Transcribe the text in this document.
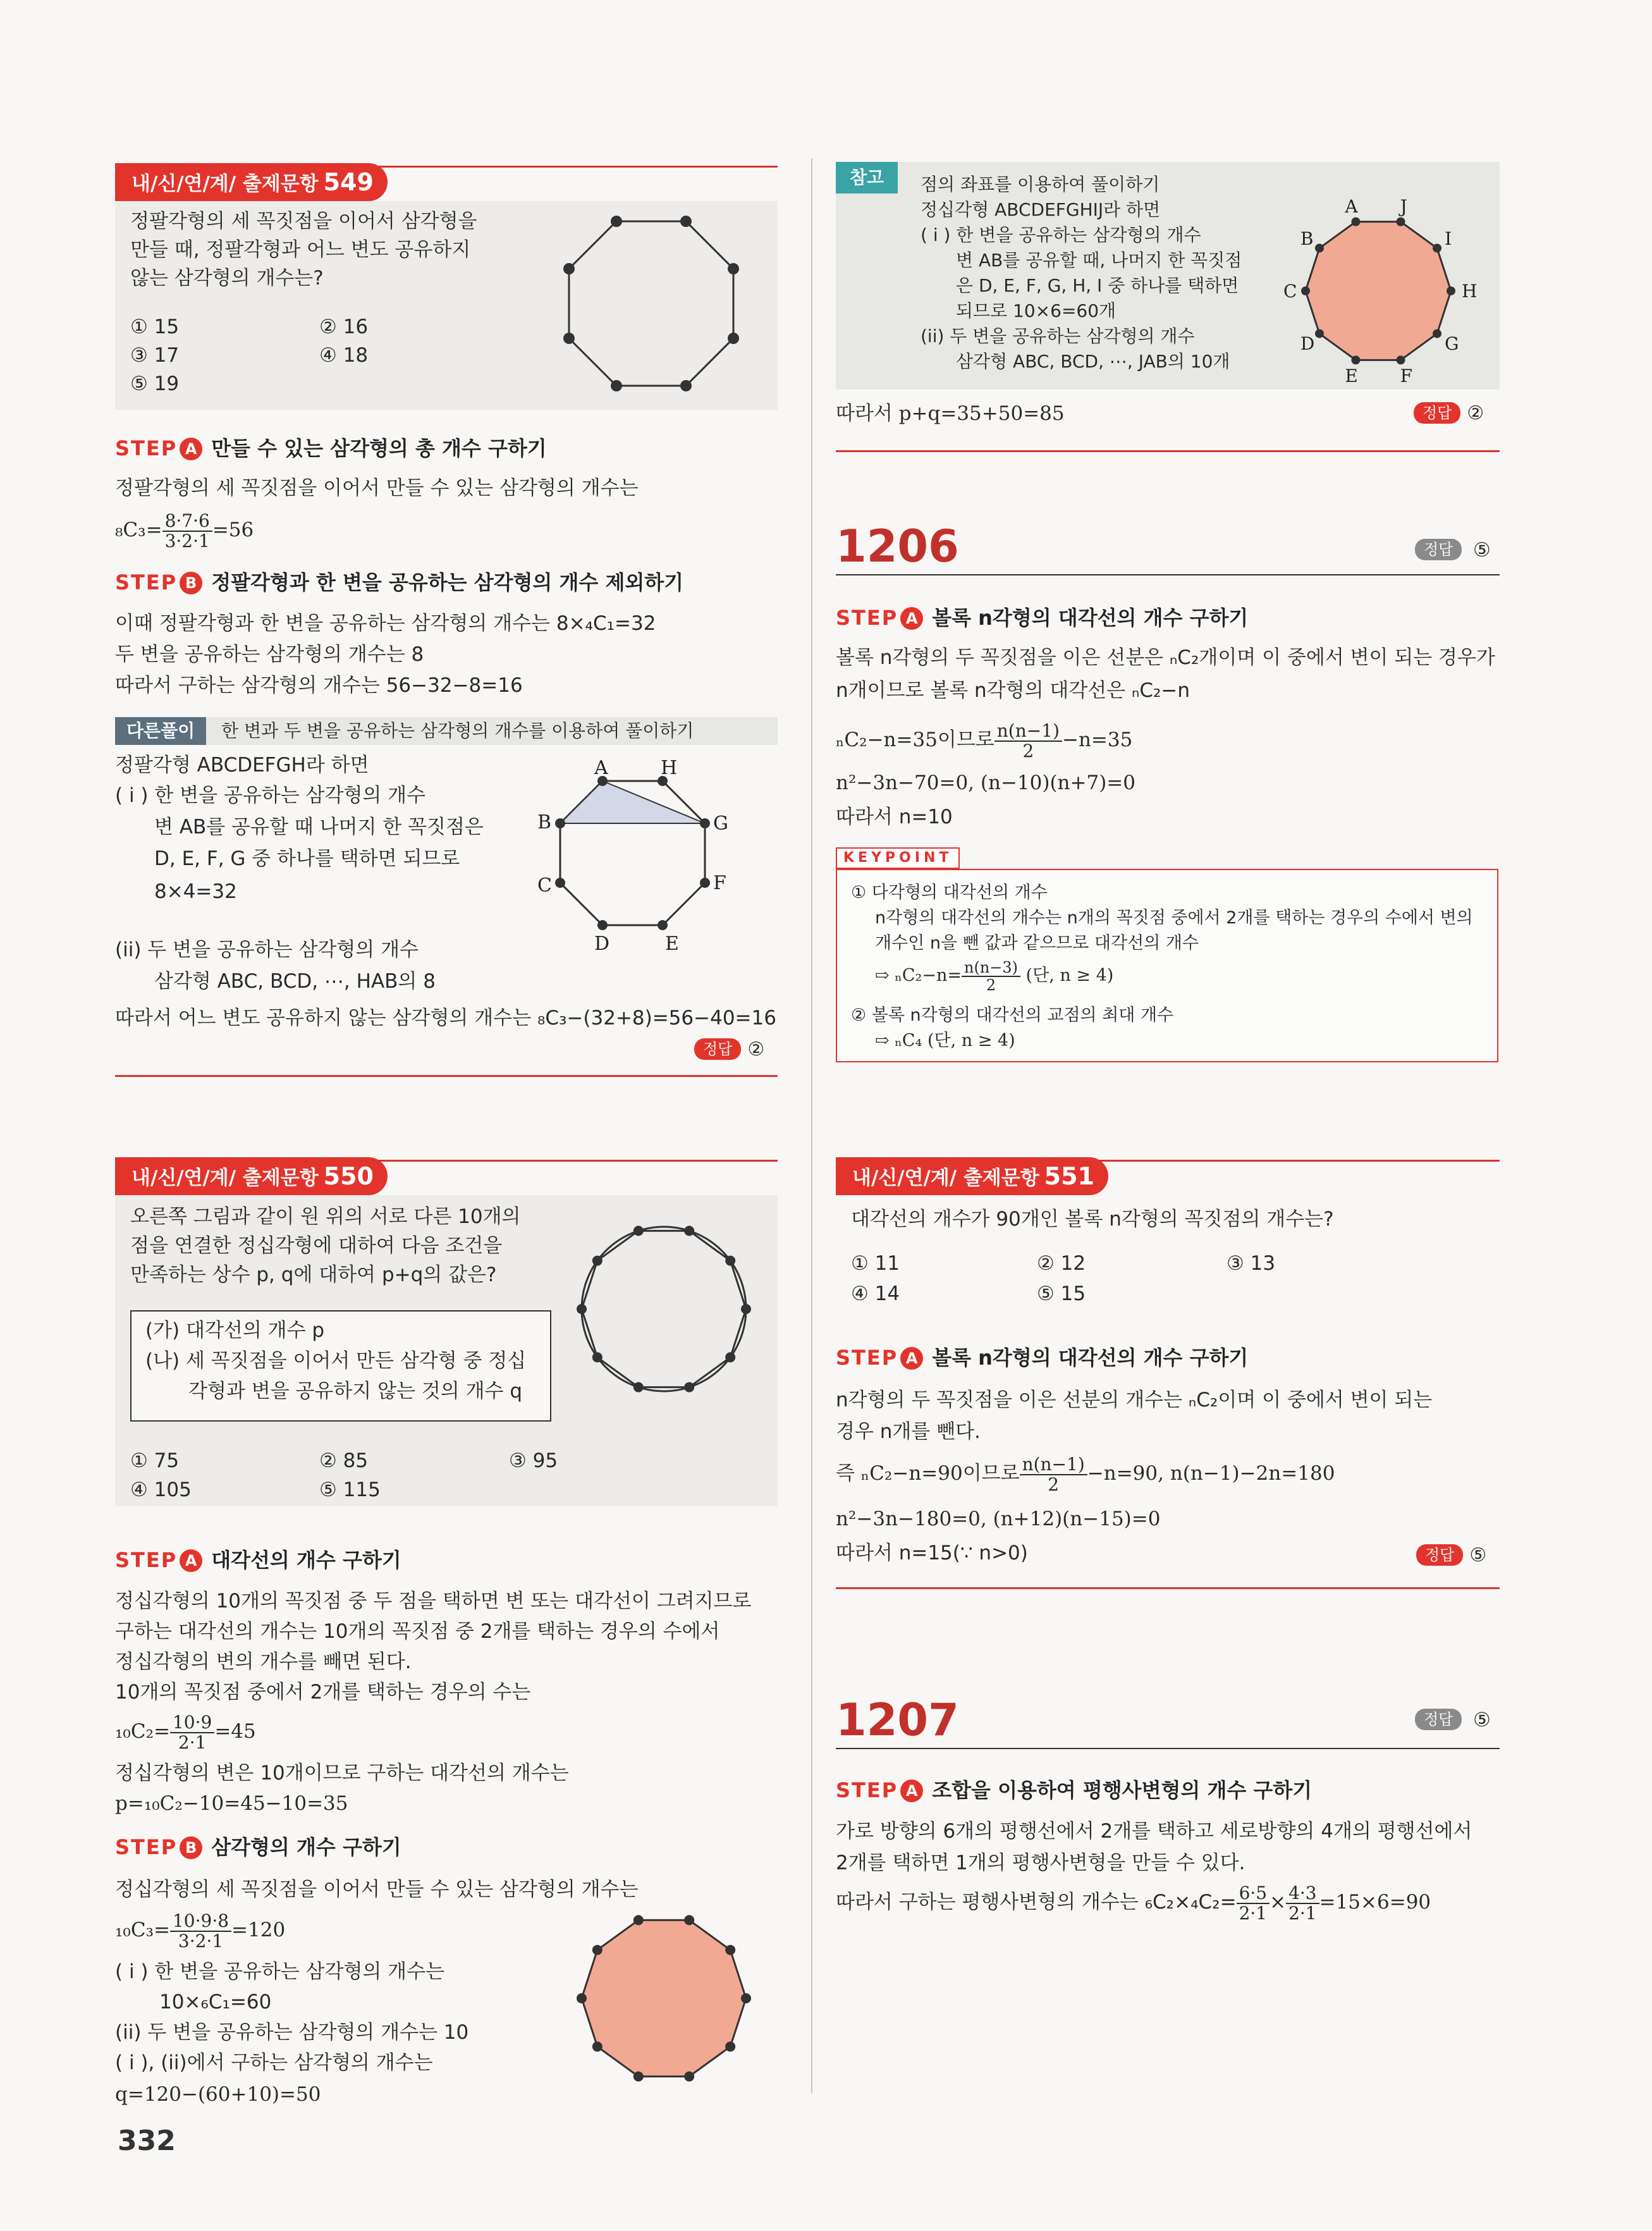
내/신/연/계/ 출제문항 549
정팔각형의 세 꼭짓점을 이어서 삼각형을
만들 때, 정팔각형과 어느 변도 공유하지
않는 삼각형의 개수는?
① 15	② 16
③ 17	④ 18
⑤ 19
STEP A 만들 수 있는 삼각형의 총 개수 구하기
정팔각형의 세 꼭짓점을 이어서 만들 수 있는 삼각형의 개수는
$_8C_3= \frac{8\cdot 7\cdot 6}{3\cdot 2\cdot 1} =56$
STEP B 정팔각형과 한 변을 공유하는 삼각형의 개수 제외하기
이때 정팔각형과 한 변을 공유하는 삼각형의 개수는 8×₄C₁=32
두 변을 공유하는 삼각형의 개수는 8
따라서 구하는 삼각형의 개수는 56−32−8=16
다른풀이	한 변과 두 변을 공유하는 삼각형의 개수를 이용하여 풀이하기
정팔각형 ABCDEFGH라 하면
( i ) 한 변을 공유하는 삼각형의 개수
변 AB를 공유할 때 나머지 한 꼭짓점은
D, E, F, G 중 하나를 택하면 되므로
8×4=32
(ii) 두 변을 공유하는 삼각형의 개수
삼각형 ABC, BCD, ⋯, HAB의 8
따라서 어느 변도 공유하지 않는 삼각형의 개수는 ₈C₃−(32+8)=56−40=16
A	H
G
F
E
D
C
B
정답 ②
내/신/연/계/ 출제문항 550
오른쪽 그림과 같이 원 위의 서로 다른 10개의
점을 연결한 정십각형에 대하여 다음 조건을
만족하는 상수 p, q에 대하여 p+q의 값은?
(가) 대각선의 개수 p
(나) 세 꼭짓점을 이어서 만든 삼각형 중 정십
각형과 변을 공유하지 않는 것의 개수 q
① 75	② 85	③ 95
④ 105	⑤ 115
STEP A 대각선의 개수 구하기
정십각형의 10개의 꼭짓점 중 두 점을 택하면 변 또는 대각선이 그려지므로
구하는 대각선의 개수는 10개의 꼭짓점 중 2개를 택하는 경우의 수에서
정십각형의 변의 개수를 빼면 된다.
10개의 꼭짓점 중에서 2개를 택하는 경우의 수는
$_{10}C_2= \frac{10\cdot 9}{2\cdot 1} =45$
정십각형의 변은 10개이므로 구하는 대각선의 개수는
p=₁₀C₂−10=45−10=35
STEP B 삼각형의 개수 구하기
정십각형의 세 꼭짓점을 이어서 만들 수 있는 삼각형의 개수는
$_{10}C_3= \frac{10\cdot 9\cdot 8}{3\cdot 2\cdot 1} =120$
( i ) 한 변을 공유하는 삼각형의 개수는
10×₆C₁=60
(ii) 두 변을 공유하는 삼각형의 개수는 10
( i ), (ii)에서 구하는 삼각형의 개수는
q=120−(60+10)=50
332
참고	점의 좌표를 이용하여 풀이하기
정십각형 ABCDEFGHIJ라 하면
( i ) 한 변을 공유하는 삼각형의 개수
변 AB를 공유할 때, 나머지 한 꼭짓점
은 D, E, F, G, H, I 중 하나를 택하면
되므로 10×6=60개
(ii) 두 변을 공유하는 삼각형의 개수
삼각형 ABC, BCD, ⋯, JAB의 10개
A J
I
H
G
F
E
D
C
B
따라서 p+q=35+50=85	정답 ②
1206	정답	⑤
STEP A 볼록 n각형의 대각선의 개수 구하기
볼록 n각형의 두 꼭짓점을 이은 선분은 ₙC₂개이며 이 중에서 변이 되는 경우가
n개이므로 볼록 n각형의 대각선은 ₙC₂−n
ₙC₂−n=35이므로 $\frac{n(n-1)}{2} -n=35$
n²−3n−70=0, (n−10)(n+7)=0
따라서 n=10
KEYPOINT
① 다각형의 대각선의 개수
n각형의 대각선의 개수는 n개의 꼭짓점 중에서 2개를 택하는 경우의 수에서 변의
개수인 n을 뺀 값과 같으므로 대각선의 개수
⇨ $_nC_2-n= \frac{n(n-3)}{2}$ (단, n ≥ 4)
② 볼록 n각형의 대각선의 교점의 최대 개수
⇨ ₙC₄ (단, n ≥ 4)
내/신/연/계/ 출제문항 551
대각선의 개수가 90개인 볼록 n각형의 꼭짓점의 개수는?
① 11	② 12	③ 13
④ 14	⑤ 15
STEP A 볼록 n각형의 대각선의 개수 구하기
n각형의 두 꼭짓점을 이은 선분의 개수는 ₙC₂이며 이 중에서 변이 되는
경우 n개를 뺀다.
즉 ₙC₂−n=90이므로 $\frac{n(n-1)}{2} -n=90$, n(n−1)−2n=180
n²−3n−180=0, (n+12)(n−15)=0
따라서 n=15(∵ n>0)	정답 ⑤
1207	정답	⑤
STEP A 조합을 이용하여 평행사변형의 개수 구하기
가로 방향의 6개의 평행선에서 2개를 택하고 세로방향의 4개의 평행선에서
2개를 택하면 1개의 평행사변형을 만들 수 있다.
따라서 구하는 평행사변형의 개수는 $_6C_2\times_4C_2= \frac{6\cdot 5}{2\cdot 1} \times \frac{4\cdot 3}{2\cdot 1} =15\times 6=90$
